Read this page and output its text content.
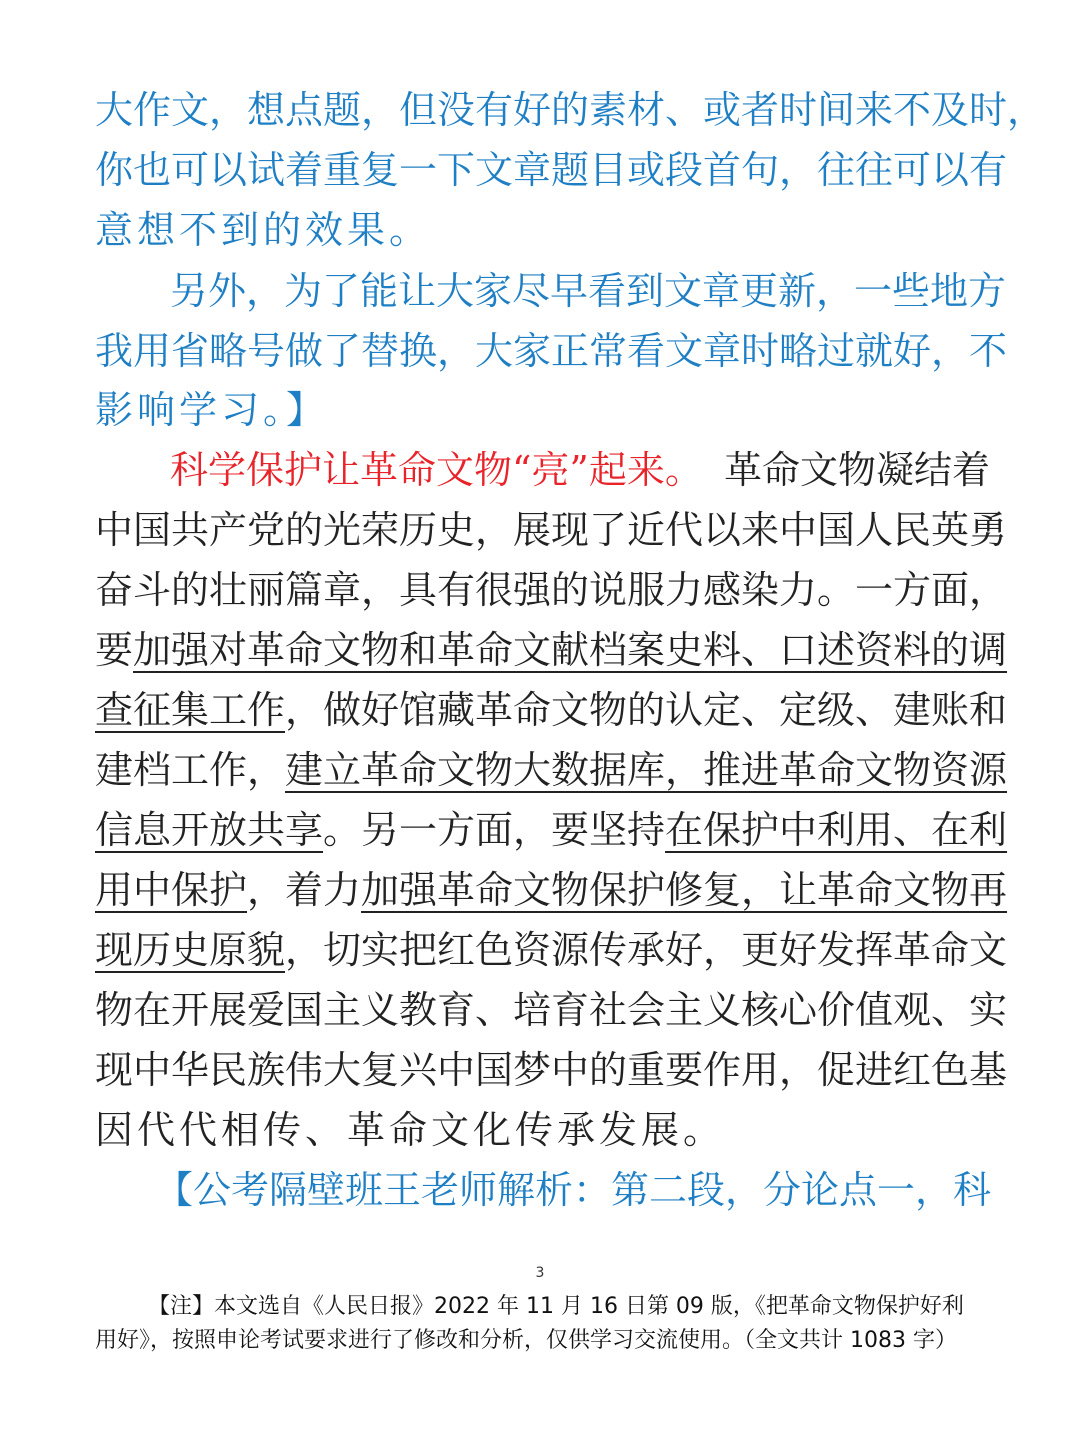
大作文，想点题，但没有好的素材、或者时间来不及时，
你也可以试着重复一下文章题目或段首句，往往可以有
意想不到的效果。
另外，为了能让大家尽早看到文章更新，一些地方
我用省略号做了替换，大家正常看文章时略过就好，不
影响学习。】
科学保护让革命文物“亮”起来。 革命文物凝结着
中国共产党的光荣历史，展现了近代以来中国人民英勇
奋斗的壮丽篇章，具有很强的说服力感染力。一方面，
要 加强对革命文物和革命文献档案史料、口述资料的调
查征集工作 ，做好馆藏革命文物的认定、定级、建账和
建档工作， 建立革命文物大数据库，推进革命文物资源
信息开放共享 。另一方面，要坚持 在保护中利用、在利
用中保护 ，着力 加强革命文物保护修复，让革命文物再
现历史原貌 ，切实把红色资源传承好，更好发挥革命文
物在开展爱国主义教育、培育社会主义核心价值观、实
现中华民族伟大复兴中国梦中的重要作用，促进红色基
因代代相传、革命文化传承发展。
【公考隔壁班王老师解析：第二段，分论点一，科
3
【注】本文选自《人民日报》2022 年 11 月 16 日第 09 版，《把革命文物保护好利
用好》，按照申论考试要求进行了修改和分析，仅供学习交流使用。（全文共计 1083 字）
